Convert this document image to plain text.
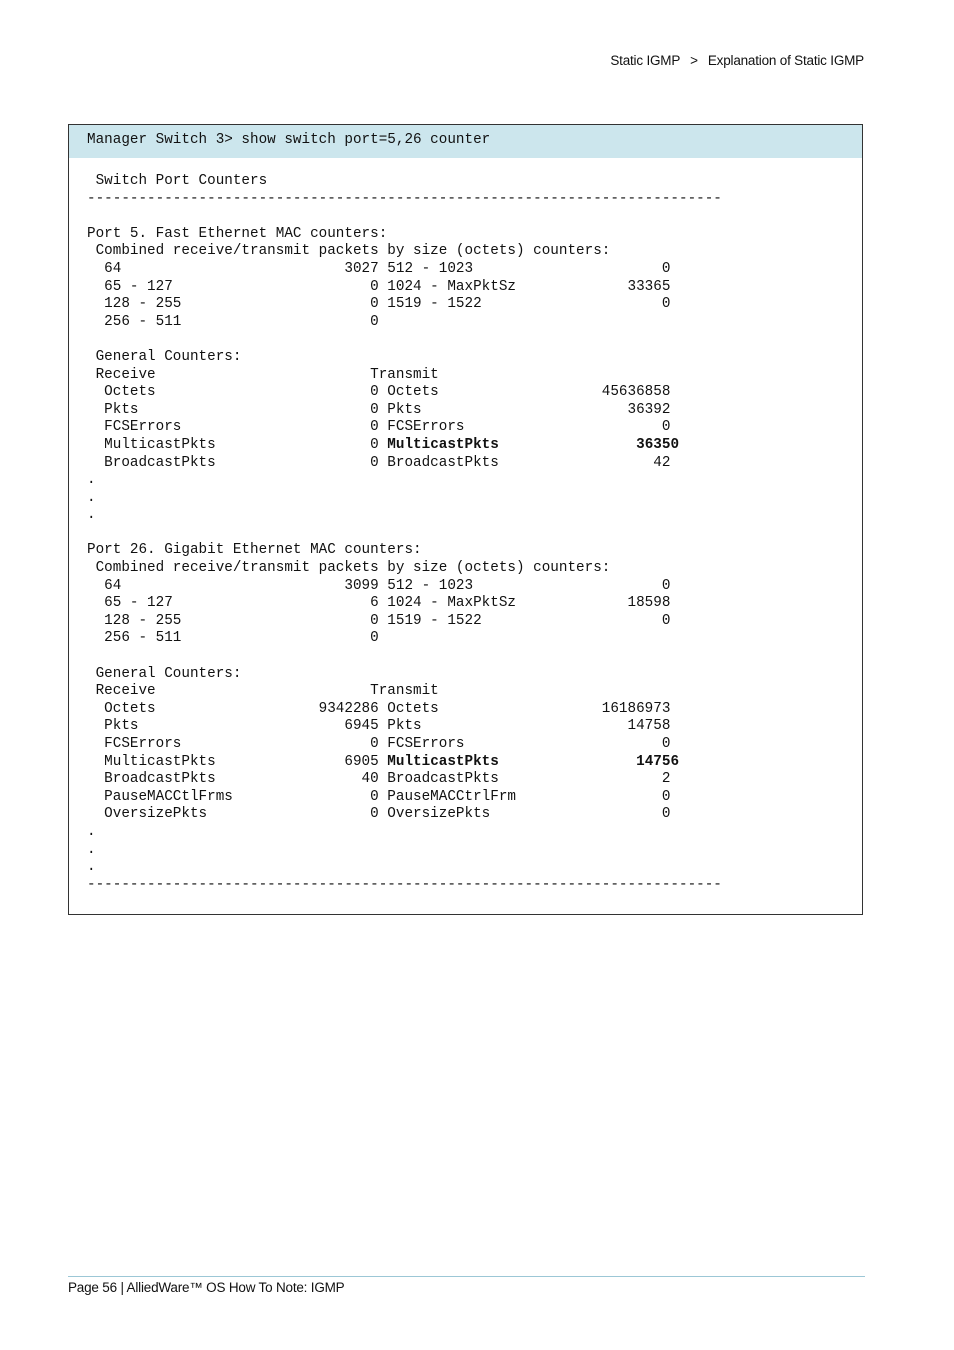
Static IGMP > Explanation of Static IGMP
Manager Switch 3> show switch port=5,26 counter
Switch Port Counters
--------------------------------------------------------------------------
Port 5. Fast Ethernet MAC counters:
Combined receive/transmit packets by size (octets) counters:
64                          3027 512 - 1023                      0
65 - 127                       0 1024 - MaxPktSz             33365
128 - 255                      0 1519 - 1522                     0
256 - 511                      0
General Counters:
Receive                         Transmit
Octets                         0 Octets                   45636858
Pkts                           0 Pkts                        36392
FCSErrors                      0 FCSErrors                       0
MulticastPkts                  0 MulticastPkts	36350
BroadcastPkts                  0 BroadcastPkts                  42
.
.
.
Port 26. Gigabit Ethernet MAC counters:
Combined receive/transmit packets by size (octets) counters:
64                          3099 512 - 1023                      0
65 - 127                       6 1024 - MaxPktSz             18598
128 - 255                      0 1519 - 1522                     0
256 - 511                      0
General Counters:
Receive                         Transmit
Octets                   9342286 Octets                   16186973
Pkts                        6945 Pkts                        14758
FCSErrors                      0 FCSErrors                       0
MulticastPkts               6905 MulticastPkts	14756
BroadcastPkts                 40 BroadcastPkts                   2
PauseMACCtlFrms                0 PauseMACCtrlFrm                 0
OversizePkts                   0 OversizePkts                    0
.
.
.
--------------------------------------------------------------------------
Page 56 | AlliedWare™ OS How To Note: IGMP
